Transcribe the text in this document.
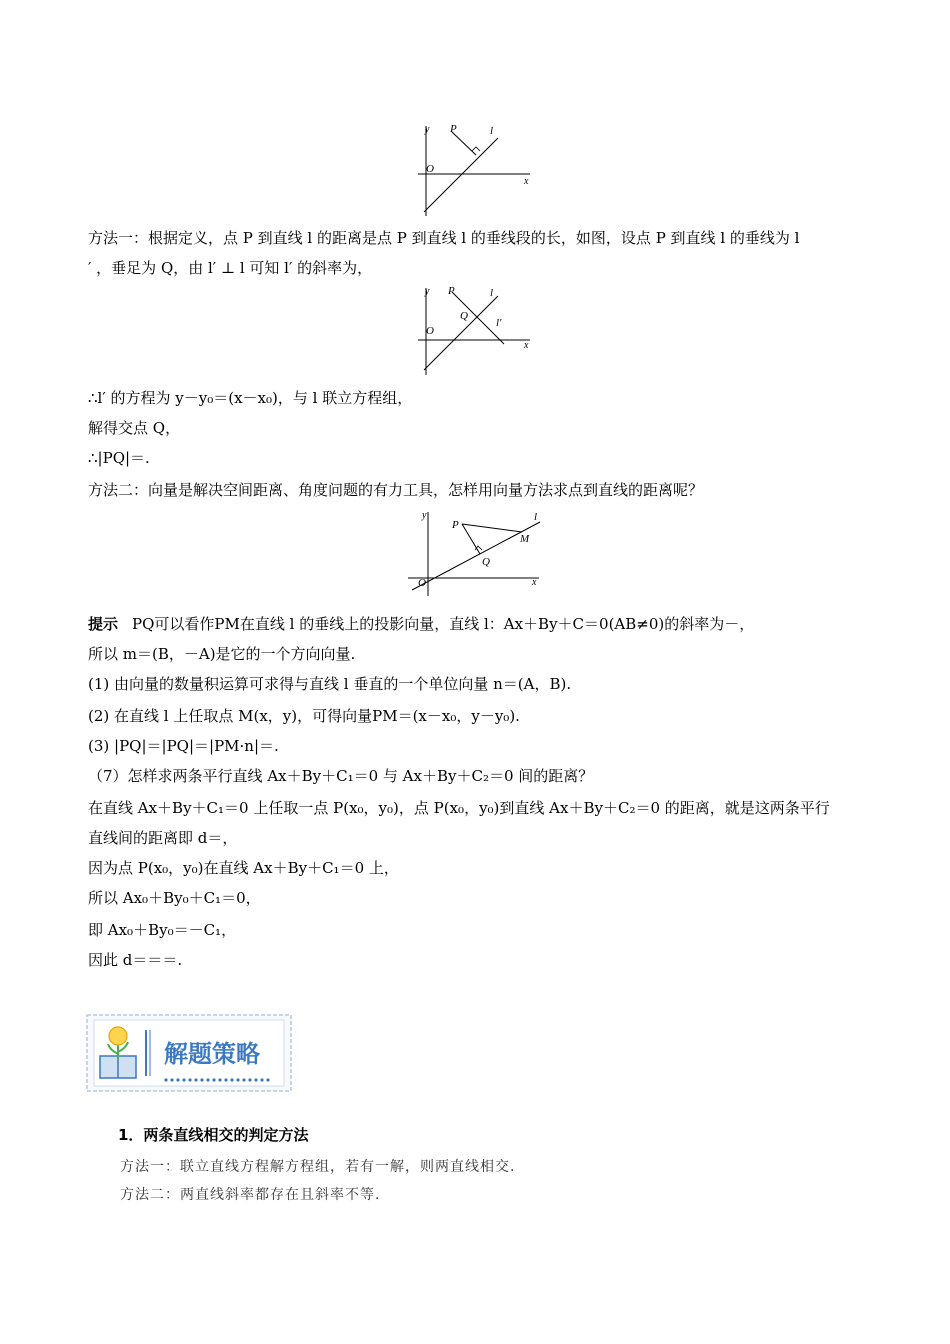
y
x
O
P	l
方法一：根据定义，点 P 到直线 l 的距离是点 P 到直线 l 的垂线段的长，如图，设点 P 到直线 l 的垂线为 l
′ ，垂足为 Q，由 l′ ⊥ l 可知 l′ 的斜率为，
y
x
O
P	l
Q
l′
∴l′ 的方程为 y－y₀＝(x－x₀)，与 l 联立方程组，
解得交点 Q，
∴|PQ|＝.
方法二：向量是解决空间距离、角度问题的有力工具，怎样用向量方法求点到直线的距离呢？
y
x
O
P
l
Q
M
提示 PQ可以看作PM在直线 l 的垂线上的投影向量，直线 l：Ax＋By＋C＝0(AB≠0)的斜率为－，
所以 m＝(B，－A)是它的一个方向向量.
(1) 由向量的数量积运算可求得与直线 l 垂直的一个单位向量 n＝(A，B).
(2) 在直线 l 上任取点 M(x，y)，可得向量PM＝(x－x₀，y－y₀).
(3) |PQ|＝|PQ|＝|PM·n|＝.
（7）怎样求两条平行直线 Ax＋By＋C₁＝0 与 Ax＋By＋C₂＝0 间的距离？
在直线 Ax＋By＋C₁＝0 上任取一点 P(x₀，y₀)，点 P(x₀，y₀)到直线 Ax＋By＋C₂＝0 的距离，就是这两条平行
直线间的距离即 d＝，
因为点 P(x₀，y₀)在直线 Ax＋By＋C₁＝0 上，
所以 Ax₀＋By₀＋C₁＝0，
即 Ax₀＋By₀＝－C₁，
因此 d＝＝＝.
解题策略
1．两条直线相交的判定方法
方法一：联立直线方程解方程组，若有一解，则两直线相交.
方法二：两直线斜率都存在且斜率不等.
